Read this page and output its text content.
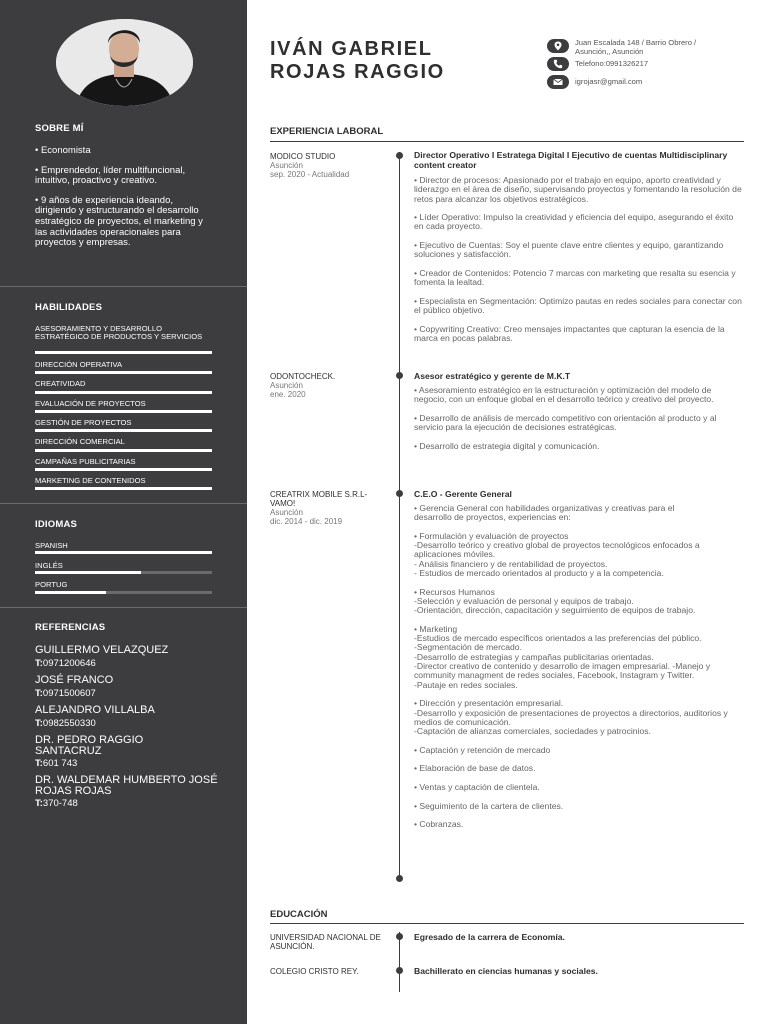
SOBRE MÍ

• Economista

• Emprendedor, líder multifuncional, intuitivo, proactivo y creativo.

• 9 años de experiencia ideando, dirigiendo y estructurando el desarrollo estratégico de proyectos, el marketing y las actividades operacionales para proyectos y empresas.

HABILIDADES
ASESORAMIENTO Y DESARROLLO ESTRATÉGICO DE PRODUCTOS Y SERVICIOS
DIRECCIÓN OPERATIVA
CREATIVIDAD
EVALUACIÓN DE PROYECTOS
GESTIÓN DE PROYECTOS
DIRECCIÓN COMERCIAL
CAMPAÑAS PUBLICITARIAS
MARKETING DE CONTENIDOS
IDIOMAS
SPANISH
INGLÉS
PORTUG
REFERENCIAS
GUILLERMO VELAZQUEZ
T:0971200646
JOSÉ FRANCO
T:0971500607
ALEJANDRO VILLALBA
T:0982550330
DR. PEDRO RAGGIO SANTACRUZ
T:601 743
DR. WALDEMAR HUMBERTO JOSÉ ROJAS ROJAS
T:370-748
IVÁN GABRIEL
ROJAS RAGGIO
Juan Escalada 148 / Barrio Obrero /
Asunción,, Asunción
Telefono:0991326217
igrojasr@gmail.com
EXPERIENCIA LABORAL
MODICO STUDIO
Asunción
sep. 2020 - Actualidad
Director Operativo I Estratega Digital I Ejecutivo de cuentas Multidisciplinary content creator
• Director de procesos: Apasionado por el trabajo en equipo, aporto creatividad y liderazgo en el área de diseño, supervisando proyectos y fomentando la resolución de retos para alcanzar los objetivos estratégicos.

• Líder Operativo: Impulso la creatividad y eficiencia del equipo, asegurando el éxito en cada proyecto.

• Ejecutivo de Cuentas: Soy el puente clave entre clientes y equipo, garantizando soluciones y satisfacción.

• Creador de Contenidos: Potencio 7 marcas con marketing que resalta su esencia y fomenta la lealtad.

• Especialista en Segmentación: Optimizo pautas en redes sociales para conectar con el público objetivo.

• Copywriting Creativo: Creo mensajes impactantes que capturan la esencia de la marca en pocas palabras.
ODONTOCHECK.
Asunción
ene. 2020
Asesor estratégico y gerente de M.K.T
• Asesoramiento estratégico en la estructuración y optimización del modelo de negocio, con un enfoque global en el desarrollo teórico y creativo del proyecto.

• Desarrollo de análisis de mercado competitivo con orientación al producto y al servicio para la ejecución de decisiones estratégicas.

• Desarrollo de estrategia digital y comunicación.
CREATRIX MOBILE S.R.L- VAMO!
Asunción
dic. 2014 - dic. 2019
C.E.O - Gerente General
• Gerencia General con habilidades organizativas y creativas para el
desarrollo de proyectos, experiencias en:

• Formulación y evaluación de proyectos
-Desarrollo teórico y creativo global de proyectos tecnológicos enfocados a aplicaciones móviles.
- Análisis financiero y de rentabilidad de proyectos.
- Estudios de mercado orientados al producto y a la competencia.

• Recursos Humanos
-Selección y evaluación de personal y equipos de trabajo.
-Orientación, dirección, capacitación y seguimiento de equipos de trabajo.

• Marketing
-Estudios de mercado específicos orientados a las preferencias del público.
-Segmentación de mercado.
-Desarrollo de estrategias y campañas publicitarias orientadas.
-Director creativo de contenido y desarrollo de imagen empresarial. -Manejo y community managment de redes sociales, Facebook, Instagram y Twitter.
-Pautaje en redes sociales.

• Dirección y presentación empresarial.
-Desarrollo y exposición de presentaciones de proyectos a directorios, auditorios y medios de comunicación.
-Captación de alianzas comerciales, sociedades y patrocinios.

• Captación y retención de mercado

• Elaboración de base de datos.

• Ventas y captación de clientela.

• Seguimiento de la cartera de clientes.

• Cobranzas.
EDUCACIÓN
UNIVERSIDAD NACIONAL DE ASUNCIÓN.
Egresado de la carrera de Economía.
COLEGIO CRISTO REY.	Bachillerato en ciencias humanas y sociales.
